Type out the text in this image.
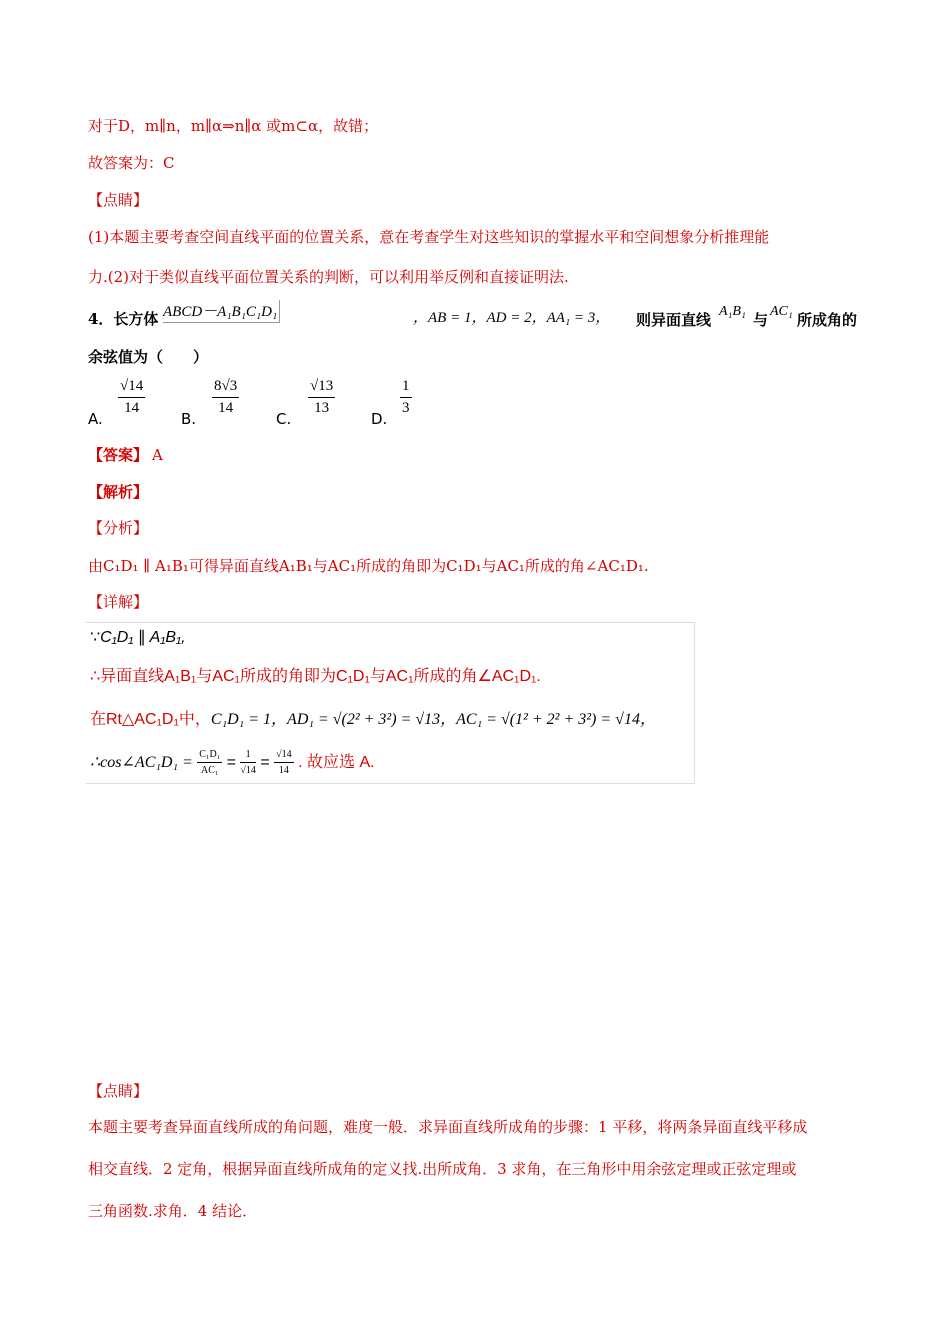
对于D，m∥n，m∥α⇒n∥α 或m⊂α，故错；
故答案为：C
【点睛】
(1)本题主要考查空间直线平面的位置关系，意在考查学生对这些知识的掌握水平和空间想象分析推理能
力.(2)对于类似直线平面位置关系的判断，可以利用举反例和直接证明法.
4．长方体 ABCD－A₁B₁C₁D₁	，AB = 1，AD = 2，AA₁ = 3， 则异面直线 A₁B₁ 与 AC₁ 所成角的
余弦值为（　　）
A.
$\frac{√14}{14}$
B.
$\frac{8√3}{14}$
C.
$\frac{√13}{13}$
D.
$\frac{1}{3}$
【答案】 A
【解析】
【分析】
由C₁D₁ ∥ A₁B₁可得异面直线A₁B₁与AC₁所成的角即为C₁D₁与AC₁所成的角∠AC₁D₁.
【详解】
∵C₁D₁ ∥ A₁B₁,
∴异面直线A₁B₁与AC₁所成的角即为C₁D₁与AC₁所成的角∠AC₁D₁.
在Rt△AC₁D₁中，C₁D₁ = 1，AD₁ = √(2² + 3²) = √13，AC₁ = √(1² + 2² + 3²) = √14，
∴cos∠AC₁D₁ = $\frac{\text{C₁D₁}}{\text{AC₁}} = \frac{1}{√14} = \frac{√14}{14}$ . 故应选 A.
【点睛】
本题主要考查异面直线所成的角问题，难度一般．求异面直线所成角的步骤：1 平移，将两条异面直线平移成
相交直线．2 定角，根据异面直线所成角的定义找.出所成角．3 求角，在三角形中用余弦定理或正弦定理或
三角函数.求角．4 结论．
